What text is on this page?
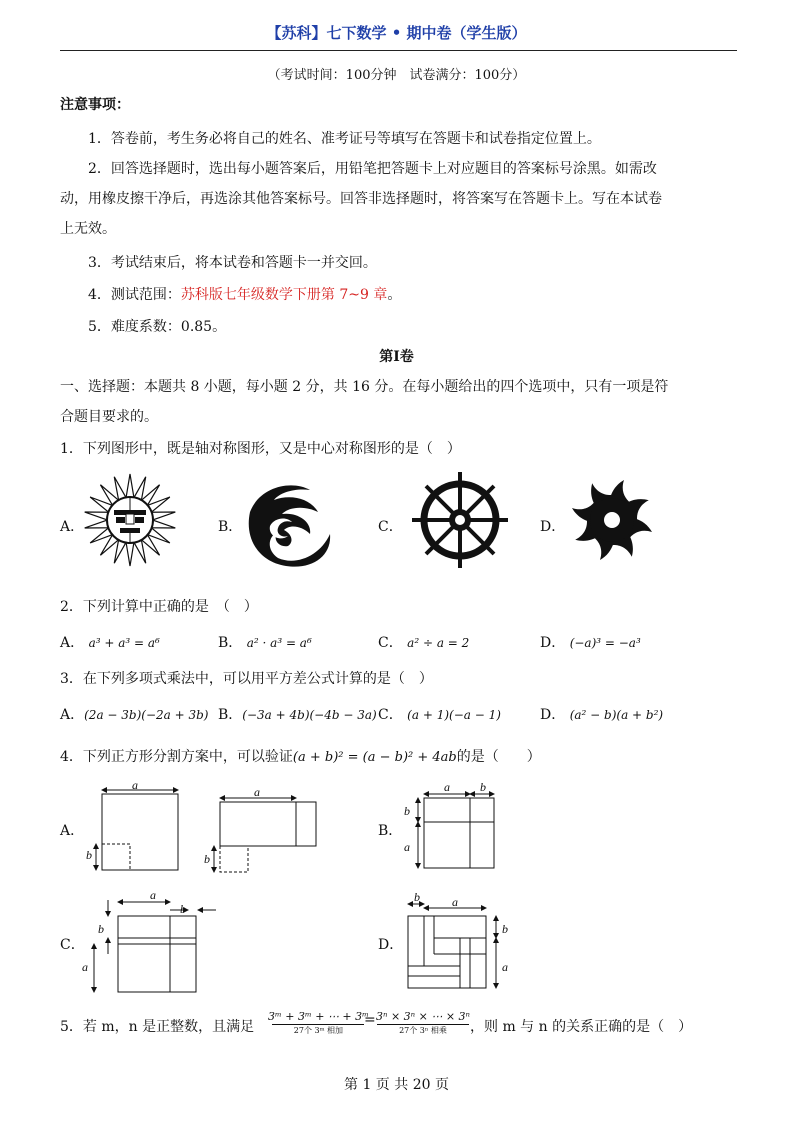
【苏科】七下数学 • 期中卷（学生版）
（考试时间：100分钟　试卷满分：100分）
注意事项：
1．答卷前，考生务必将自己的姓名、准考证号等填写在答题卡和试卷指定位置上。
2．回答选择题时，选出每小题答案后，用铅笔把答题卡上对应题目的答案标号涂黑。如需改
动，用橡皮擦干净后，再选涂其他答案标号。回答非选择题时，将答案写在答题卡上。写在本试卷
上无效。
3．考试结束后，将本试卷和答题卡一并交回。
4．测试范围：苏科版七年级数学下册第 7~9 章。
5．难度系数：0.85。
第Ⅰ卷
一、选择题：本题共 8 小题，每小题 2 分，共 16 分。在每小题给出的四个选项中，只有一项是符
合题目要求的。
1．下列图形中，既是轴对称图形，又是中心对称图形的是（　）
A．	B．	C．	D．
2．下列计算中正确的是　（　）
A． a³ + a³ = a⁶	B． a² · a³ = a⁶	C． a² ÷ a = 2	D． (−a)³ = −a³
3．在下列多项式乘法中，可以用平方差公式计算的是（　）
A．(2a − 3b)(−2a + 3b) B．(−3a + 4b)(−4b − 3a) C． (a + 1)(−a − 1)	D． (a² − b)(a + b²)
4．下列正方形分割方案中，可以验证(a + b)² = (a − b)² + 4ab的是（　　）
A．
a
b
a
b
B．
a	b
b
a
C．
a
b
b
a
D．
b	a
b
a
5．若 m，n 是正整数，且满足
3ᵐ + 3ᵐ + ⋯ + 3ᵐ
27个 3ᵐ 相加
= 3ⁿ × 3ⁿ × ⋯ × 3ⁿ
27个 3ⁿ 相乘	，则 m 与 n 的关系正确的是（　）
第 1 页 共 20 页
